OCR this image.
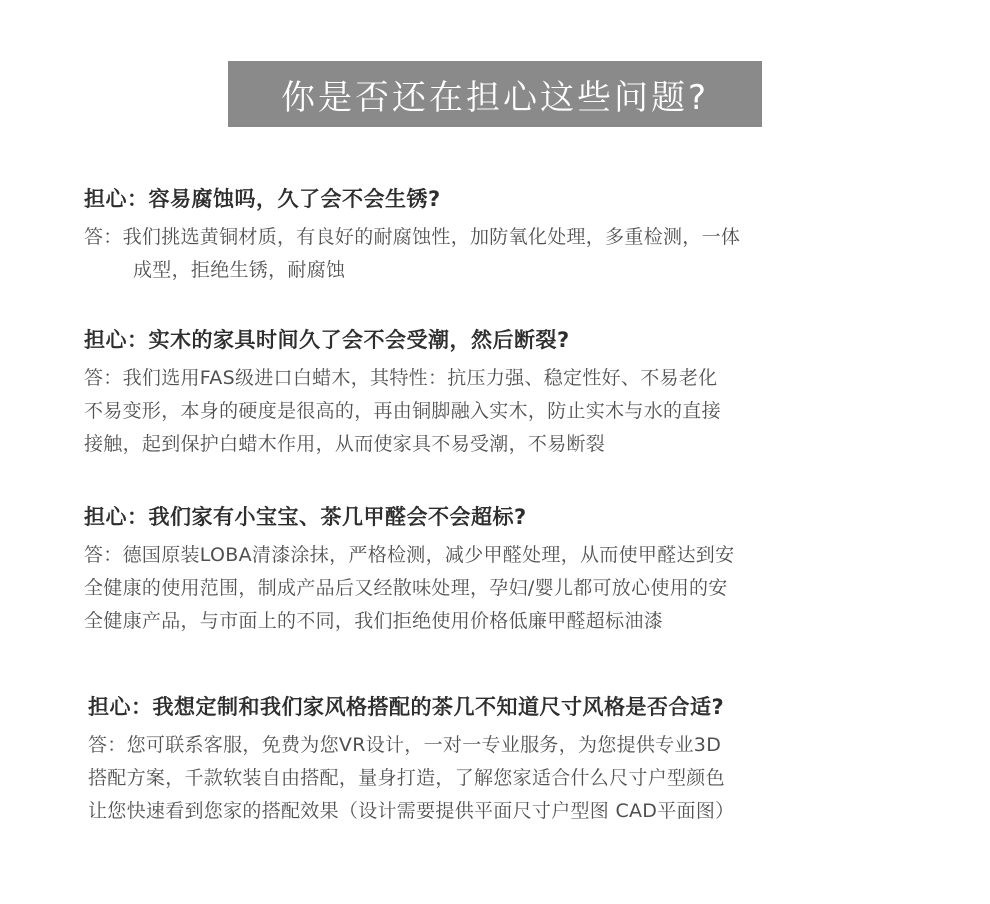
你是否还在担心这些问题?
担心：容易腐蚀吗，久了会不会生锈?
答：我们挑选黄铜材质，有良好的耐腐蚀性，加防氧化处理，多重检测，一体
成型，拒绝生锈，耐腐蚀
担心：实木的家具时间久了会不会受潮，然后断裂?
答：我们选用FAS级进口白蜡木，其特性：抗压力强、稳定性好、不易老化
不易变形，本身的硬度是很高的，再由铜脚融入实木，防止实木与水的直接
接触，起到保护白蜡木作用，从而使家具不易受潮，不易断裂
担心：我们家有小宝宝、茶几甲醛会不会超标?
答：德国原装LOBA清漆涂抹，严格检测，减少甲醛处理，从而使甲醛达到安
全健康的使用范围，制成产品后又经散味处理，孕妇/婴儿都可放心使用的安
全健康产品，与市面上的不同，我们拒绝使用价格低廉甲醛超标油漆
担心：我想定制和我们家风格搭配的茶几不知道尺寸风格是否合适?
答：您可联系客服，免费为您VR设计，一对一专业服务，为您提供专业3D
搭配方案，千款软装自由搭配，量身打造，了解您家适合什么尺寸户型颜色
让您快速看到您家的搭配效果（设计需要提供平面尺寸户型图 CAD平面图）
